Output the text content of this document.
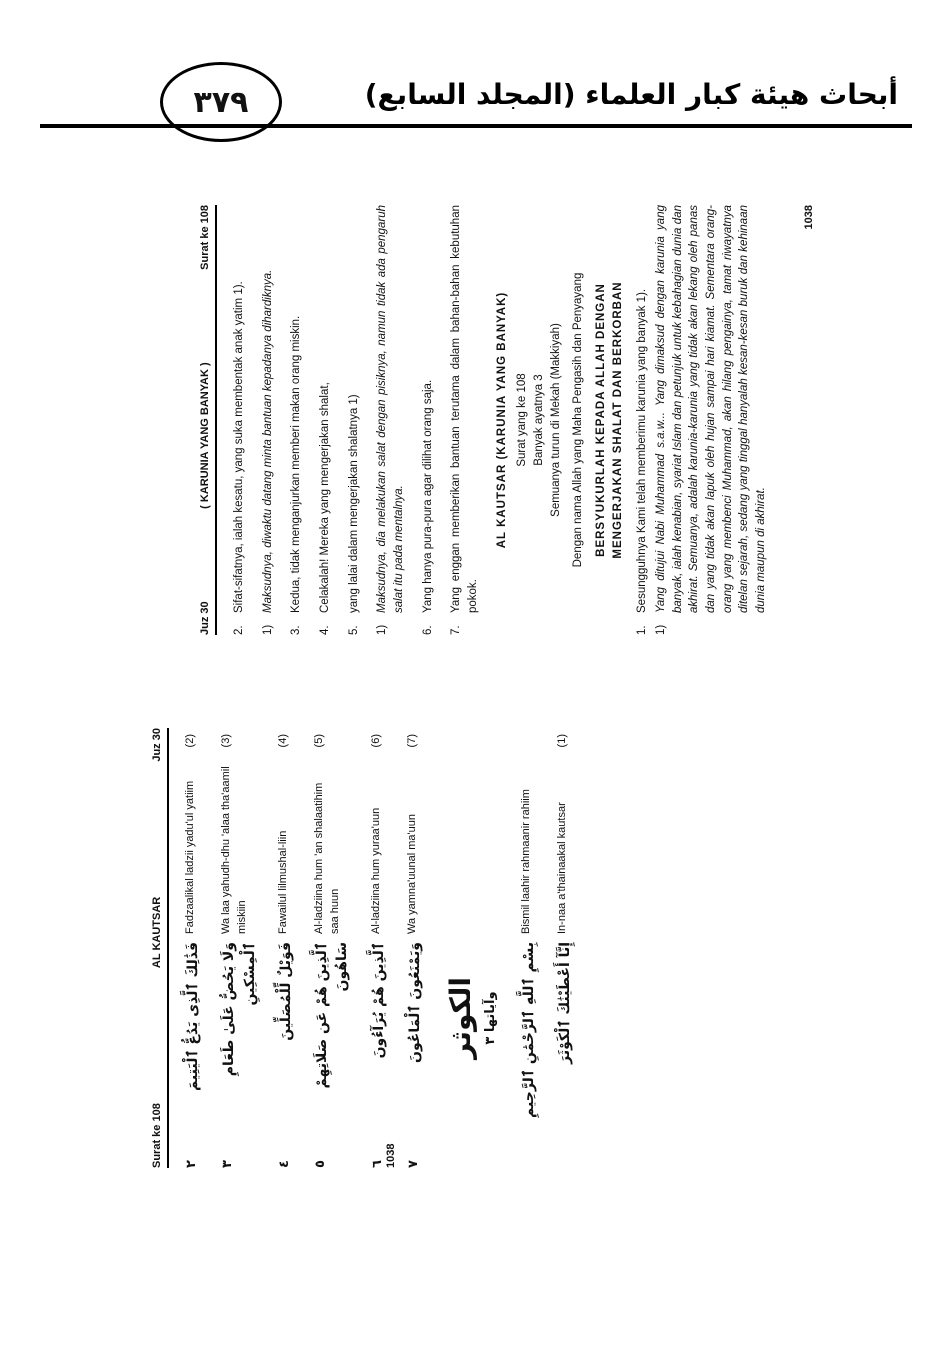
أبحاث هيئة كبار العلماء (المجلد السابع)
٣٧٩
Surat ke 108
AL KAUTSAR
Juz 30
٢
فَذَٰلِكَ ٱلَّذِى يَدُعُّ ٱلْيَتِيمَ
Fadzaalikal ladzii yadu'ul yatiim
(2)
٣
وَلَا يَحُضُّ عَلَىٰ طَعَامِ ٱلْمِسْكِينِ
Wa laa yahudh-dhu 'alaa tha'aamil miskiin
(3)
٤
فَوَيْلٌ لِّلْمُصَلِّينَ
Fawailul lilmushal-liin
(4)
٥
ٱلَّذِينَ هُمْ عَن صَلَاتِهِمْ سَاهُونَ
Al-ladziina hum 'an shalaatihim saa huun
(5)
٦
ٱلَّذِينَ هُمْ يُرَآءُونَ
Al-ladziina hum yuraa'uun
(6)
٧
وَيَمْنَعُونَ ٱلْمَاعُونَ
Wa yamna'uunal ma'uun
(7)
الكوثر وآياتها ٣ بِسْمِ ٱللَّهِ ٱلرَّحْمَٰنِ ٱلرَّحِيمِ
Bismil laahir rahmaanir rahiim
إِنَّآ أَعْطَيْنَٰكَ ٱلْكَوْثَرَ
In-naa a'thainaakal kautsar
(1)
1038
Juz 30
( KARUNIA YANG BANYAK )
Surat ke 108
2.
Sifat-sifatnya, ialah kesatu, yang suka membentak anak yatim 1).
1)
Maksudnya, diwaktu datang minta bantuan kepadanya dihardiknya.
3.
Kedua, tidak menganjurkan memberi makan orang miskin.
4.
Celakalah! Mereka yang mengerjakan shalat,
5.
yang lalai dalam mengerjakan shalatnya 1)
1)
Maksudnya, dia melakukan salat dengan pisiknya, namun tidak ada pengaruh salat itu pada mentalnya.
6.
Yang hanya pura-pura agar dilihat orang saja.
7.
Yang enggan memberikan bantuan terutama dalam bahan-bahan kebutuhan pokok.
AL KAUTSAR (KARUNIA YANG BANYAK) Surat yang ke 108 Banyak ayatnya 3 Semuanya turun di Mekah (Makkiyah) Dengan nama Allah yang Maha Pengasih dan Penyayang BERSYUKURLAH KEPADA ALLAH DENGAN MENGERJAKAN SHALAT DAN BERKORBAN
1.
Sesungguhnya Kami telah memberimu karunia yang banyak 1).
1)
Yang ditujui Nabi Muhammad s.a.w... Yang dimaksud dengan karunia yang banyak, ialah kenabian, syariat Islam dan petunjuk untuk kebahagian dunia dan akhirat. Semuanya, adalah karunia-karunia yang tidak akan lekang oleh panas dan yang tidak akan lapuk oleh hujan sampai hari kiamat. Sementara orang-orang yang membenci Muhammad, akan hilang pengainya, tamat riwayatnya ditelan sejarah, sedang yang tinggal hanyalah kesan-kesan buruk dan kehinaan dunia maupun di akhirat.
1038
